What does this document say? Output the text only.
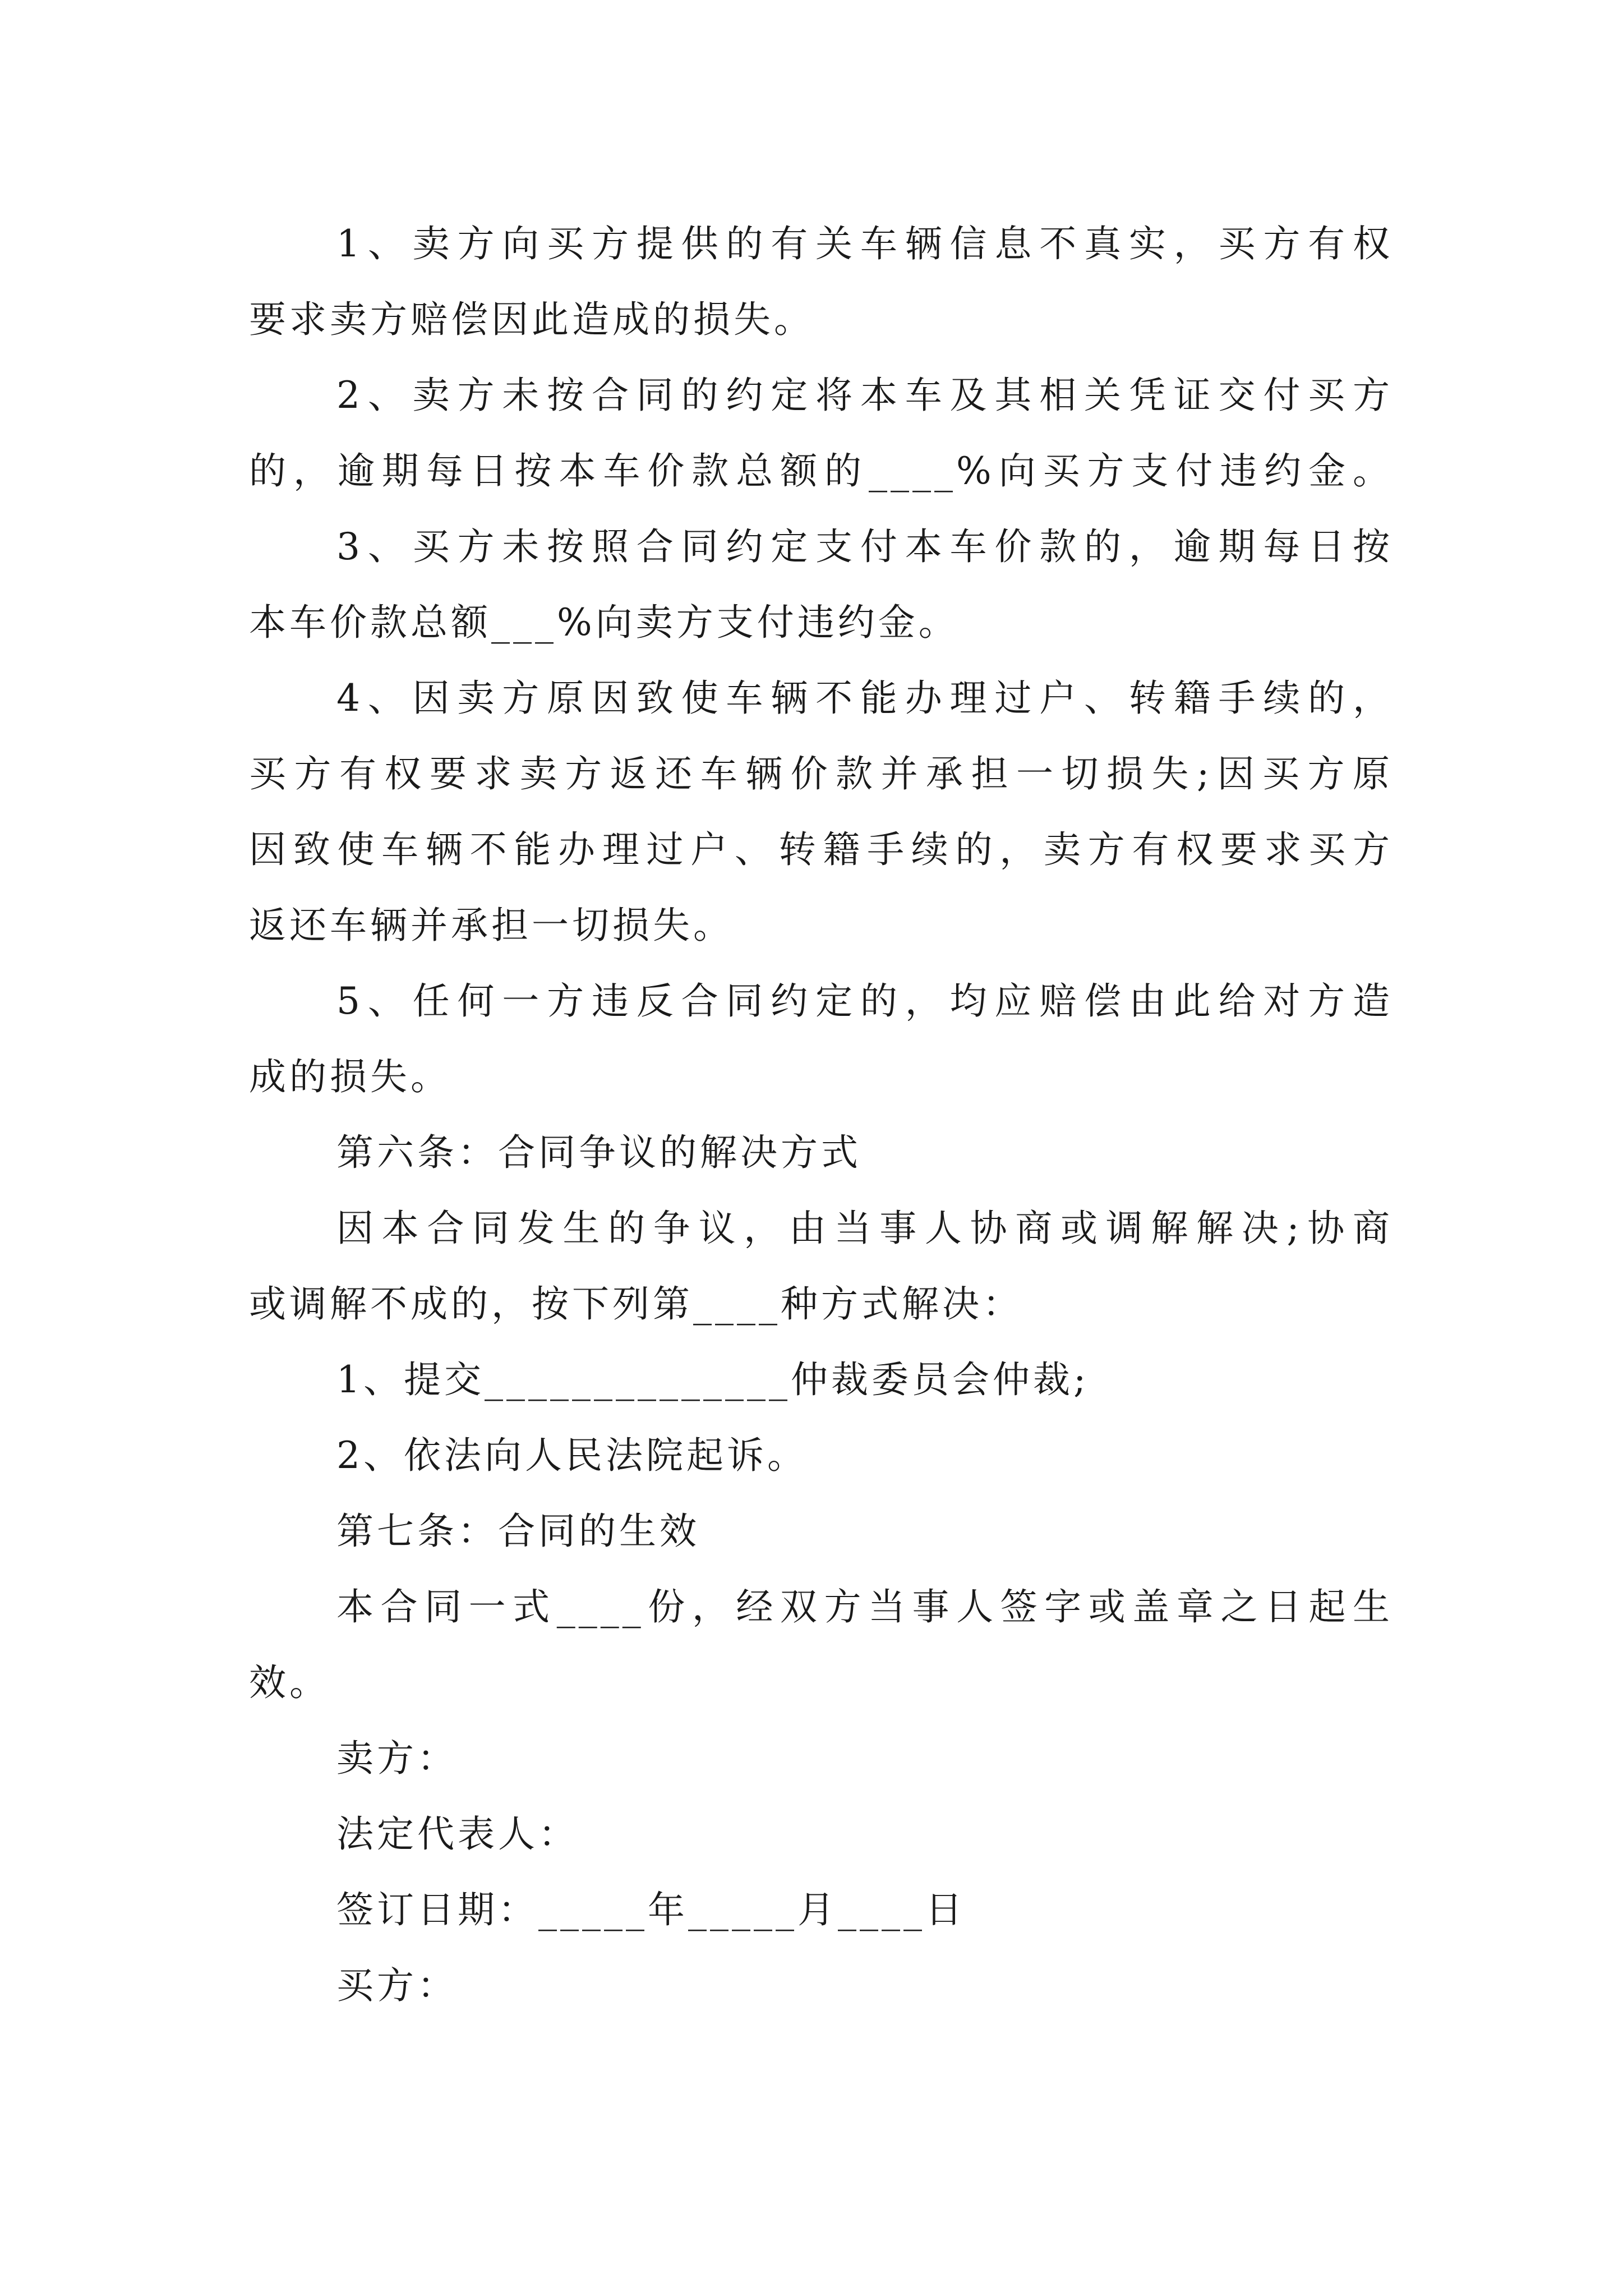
1、卖方向买方提供的有关车辆信息不真实，买方有权
要求卖方赔偿因此造成的损失。
2、卖方未按合同的约定将本车及其相关凭证交付买方
的，逾期每日按本车价款总额的____%向买方支付违约金。
3、买方未按照合同约定支付本车价款的，逾期每日按
本车价款总额___%向卖方支付违约金。
4、因卖方原因致使车辆不能办理过户、转籍手续的，
买方有权要求卖方返还车辆价款并承担一切损失;因买方原
因致使车辆不能办理过户、转籍手续的，卖方有权要求买方
返还车辆并承担一切损失。
5、任何一方违反合同约定的，均应赔偿由此给对方造
成的损失。
第六条：合同争议的解决方式
因本合同发生的争议，由当事人协商或调解解决;协商
或调解不成的，按下列第____种方式解决：
1、提交______________仲裁委员会仲裁;
2、依法向人民法院起诉。
第七条：合同的生效
本合同一式____份，经双方当事人签字或盖章之日起生
效。
卖方：
法定代表人：
签订日期：_____年_____月____日
买方：
